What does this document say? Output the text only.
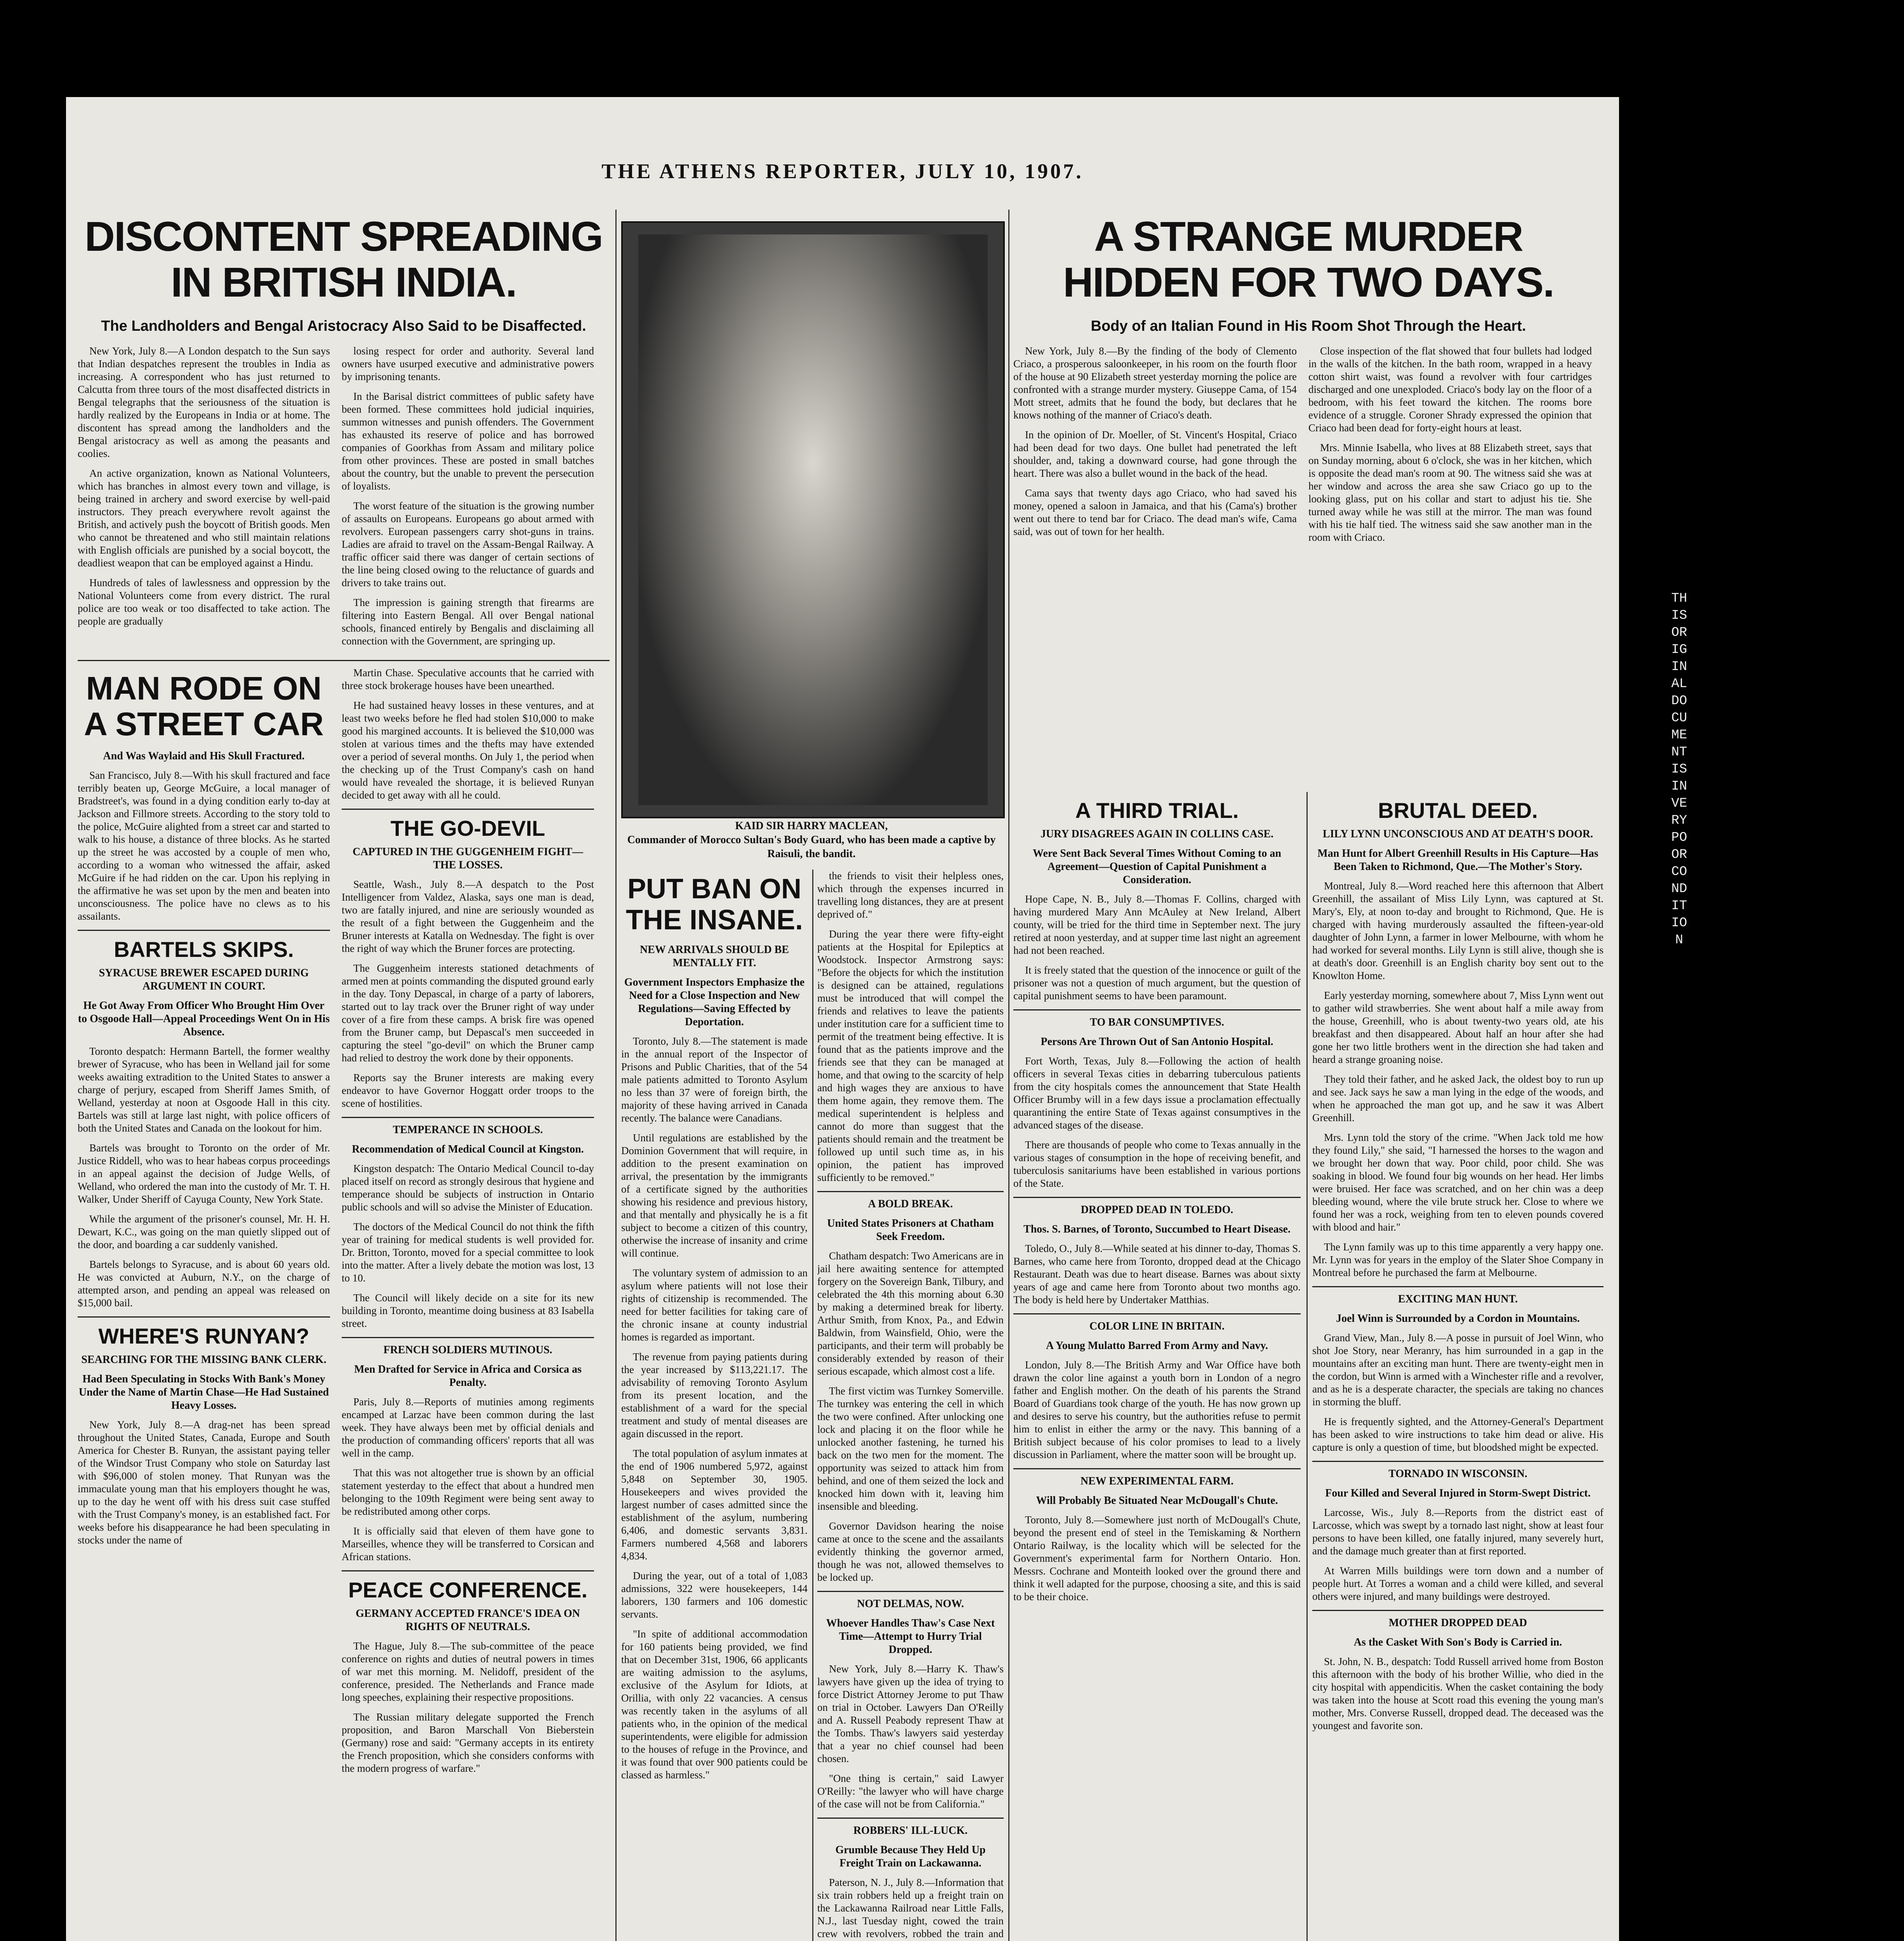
THE ATHENS REPORTER, JULY 10, 1907.
DISCONTENT SPREADING IN BRITISH INDIA.
The Landholders and Bengal Aristocracy Also Said to be Disaffected.

New York, July 8.—A London despatch to the Sun says that Indian despatches represent the troubles in India as increasing. A correspondent who has just returned to Calcutta from three tours of the most disaffected districts in Bengal telegraphs that the seriousness of the situation is hardly realized by the Europeans in India or at home. The discontent has spread among the landholders and the Bengal aristocracy as well as among the peasants and coolies.

An active organization, known as National Volunteers, which has branches in almost every town and village, is being trained in archery and sword exercise by well-paid instructors. They preach everywhere revolt against the British, and actively push the boycott of British goods. Men who cannot be threatened and who still maintain relations with English officials are punished by a social boycott, the deadliest weapon that can be employed against a Hindu.

Hundreds of tales of lawlessness and oppression by the National Volunteers come from every district. The rural police are too weak or too disaffected to take action. The people are gradually

losing respect for order and authority. Several land owners have usurped executive and administrative powers by imprisoning tenants.

In the Barisal district committees of public safety have been formed. These committees hold judicial inquiries, summon witnesses and punish offenders. The Government has exhausted its reserve of police and has borrowed companies of Goorkhas from Assam and military police from other provinces. These are posted in small batches about the country, but the unable to prevent the persecution of loyalists.

The worst feature of the situation is the growing number of assaults on Europeans. Europeans go about armed with revolvers. European passengers carry shot-guns in trains. Ladies are afraid to travel on the Assam-Bengal Railway. A traffic officer said there was danger of certain sections of the line being closed owing to the reluctance of guards and drivers to take trains out.

The impression is gaining strength that firearms are filtering into Eastern Bengal. All over Bengal national schools, financed entirely by Bengalis and disclaiming all connection with the Government, are springing up.

MAN RODE ON A STREET CAR
And Was Waylaid and His Skull Fractured.

San Francisco, July 8.—With his skull fractured and face terribly beaten up, George McGuire, a local manager of Bradstreet's, was found in a dying condition early to-day at Jackson and Fillmore streets. According to the story told to the police, McGuire alighted from a street car and started to walk to his house, a distance of three blocks. As he started up the street he was accosted by a couple of men who, according to a woman who witnessed the affair, asked McGuire if he had ridden on the car. Upon his replying in the affirmative he was set upon by the men and beaten into unconsciousness. The police have no clews as to his assailants.

BARTELS SKIPS.
SYRACUSE BREWER ESCAPED DURING ARGUMENT IN COURT.
He Got Away From Officer Who Brought Him Over to Osgoode Hall—Appeal Proceedings Went On in His Absence.

Toronto despatch: Hermann Bartell, the former wealthy brewer of Syracuse, who has been in Welland jail for some weeks awaiting extradition to the United States to answer a charge of perjury, escaped from Sheriff James Smith, of Welland, yesterday at noon at Osgoode Hall in this city. Bartels was still at large last night, with police officers of both the United States and Canada on the lookout for him.

Bartels was brought to Toronto on the order of Mr. Justice Riddell, who was to hear habeas corpus proceedings in an appeal against the decision of Judge Wells, of Welland, who ordered the man into the custody of Mr. T. H. Walker, Under Sheriff of Cayuga County, New York State.

While the argument of the prisoner's counsel, Mr. H. H. Dewart, K.C., was going on the man quietly slipped out of the door, and boarding a car suddenly vanished.

Bartels belongs to Syracuse, and is about 60 years old. He was convicted at Auburn, N.Y., on the charge of attempted arson, and pending an appeal was released on $15,000 bail.

WHERE'S RUNYAN?
SEARCHING FOR THE MISSING BANK CLERK.
Had Been Speculating in Stocks With Bank's Money Under the Name of Martin Chase—He Had Sustained Heavy Losses.

New York, July 8.—A drag-net has been spread throughout the United States, Canada, Europe and South America for Chester B. Runyan, the assistant paying teller of the Windsor Trust Company who stole on Saturday last with $96,000 of stolen money. That Runyan was the immaculate young man that his employers thought he was, up to the day he went off with his dress suit case stuffed with the Trust Company's money, is an established fact. For weeks before his disappearance he had been speculating in stocks under the name of

Martin Chase. Speculative accounts that he carried with three stock brokerage houses have been unearthed.

He had sustained heavy losses in these ventures, and at least two weeks before he fled had stolen $10,000 to make good his margined accounts. It is believed the $10,000 was stolen at various times and the thefts may have extended over a period of several months. On July 1, the period when the checking up of the Trust Company's cash on hand would have revealed the shortage, it is believed Runyan decided to get away with all he could.

THE GO-DEVIL
CAPTURED IN THE GUGGENHEIM FIGHT—THE LOSSES.

Seattle, Wash., July 8.—A despatch to the Post Intelligencer from Valdez, Alaska, says one man is dead, two are fatally injured, and nine are seriously wounded as the result of a fight between the Guggenheim and the Bruner interests at Katalla on Wednesday. The fight is over the right of way which the Bruner forces are protecting.

The Guggenheim interests stationed detachments of armed men at points commanding the disputed ground early in the day. Tony Depascal, in charge of a party of laborers, started out to lay track over the Bruner right of way under cover of a fire from these camps. A brisk fire was opened from the Bruner camp, but Depascal's men succeeded in capturing the steel "go-devil" on which the Bruner camp had relied to destroy the work done by their opponents.

Reports say the Bruner interests are making every endeavor to have Governor Hoggatt order troops to the scene of hostilities.

TEMPERANCE IN SCHOOLS.
Recommendation of Medical Council at Kingston.

Kingston despatch: The Ontario Medical Council to-day placed itself on record as strongly desirous that hygiene and temperance should be subjects of instruction in Ontario public schools and will so advise the Minister of Education.

The doctors of the Medical Council do not think the fifth year of training for medical students is well provided for. Dr. Britton, Toronto, moved for a special committee to look into the matter. After a lively debate the motion was lost, 13 to 10.

The Council will likely decide on a site for its new building in Toronto, meantime doing business at 83 Isabella street.

FRENCH SOLDIERS MUTINOUS.
Men Drafted for Service in Africa and Corsica as Penalty.

Paris, July 8.—Reports of mutinies among regiments encamped at Larzac have been common during the last week. They have always been met by official denials and the production of commanding officers' reports that all was well in the camp.

That this was not altogether true is shown by an official statement yesterday to the effect that about a hundred men belonging to the 109th Regiment were being sent away to be redistributed among other corps.

It is officially said that eleven of them have gone to Marseilles, whence they will be transferred to Corsican and African stations.

PEACE CONFERENCE.
GERMANY ACCEPTED FRANCE'S IDEA ON RIGHTS OF NEUTRALS.

The Hague, July 8.—The sub-committee of the peace conference on rights and duties of neutral powers in times of war met this morning. M. Nelidoff, president of the conference, presided. The Netherlands and France made long speeches, explaining their respective propositions.

The Russian military delegate supported the French proposition, and Baron Marschall Von Bieberstein (Germany) rose and said: "Germany accepts in its entirety the French proposition, which she considers conforms with the modern progress of warfare."

KAID SIR HARRY MACLEAN,
Commander of Morocco Sultan's Body Guard, who has been made a captive by Raisuli, the bandit.
PUT BAN ON THE INSANE.
NEW ARRIVALS SHOULD BE MENTALLY FIT.
Government Inspectors Emphasize the Need for a Close Inspection and New Regulations—Saving Effected by Deportation.

Toronto, July 8.—The statement is made in the annual report of the Inspector of Prisons and Public Charities, that of the 54 male patients admitted to Toronto Asylum no less than 37 were of foreign birth, the majority of these having arrived in Canada recently. The balance were Canadians.

Until regulations are established by the Dominion Government that will require, in addition to the present examination on arrival, the presentation by the immigrants of a certificate signed by the authorities showing his residence and previous history, and that mentally and physically he is a fit subject to become a citizen of this country, otherwise the increase of insanity and crime will continue.

The voluntary system of admission to an asylum where patients will not lose their rights of citizenship is recommended. The need for better facilities for taking care of the chronic insane at county industrial homes is regarded as important.

The revenue from paying patients during the year increased by $113,221.17. The advisability of removing Toronto Asylum from its present location, and the establishment of a ward for the special treatment and study of mental diseases are again discussed in the report.

The total population of asylum inmates at the end of 1906 numbered 5,972, against 5,848 on September 30, 1905. Housekeepers and wives provided the largest number of cases admitted since the establishment of the asylum, numbering 6,406, and domestic servants 3,831. Farmers numbered 4,568 and laborers 4,834.

During the year, out of a total of 1,083 admissions, 322 were housekeepers, 144 laborers, 130 farmers and 106 domestic servants.

"In spite of additional accommodation for 160 patients being provided, we find that on December 31st, 1906, 66 applicants are waiting admission to the asylums, exclusive of the Asylum for Idiots, at Orillia, with only 22 vacancies. A census was recently taken in the asylums of all patients who, in the opinion of the medical superintendents, were eligible for admission to the houses of refuge in the Province, and it was found that over 900 patients could be classed as harmless."

the friends to visit their helpless ones, which through the expenses incurred in travelling long distances, they are at present deprived of."

During the year there were fifty-eight patients at the Hospital for Epileptics at Woodstock. Inspector Armstrong says: "Before the objects for which the institution is designed can be attained, regulations must be introduced that will compel the friends and relatives to leave the patients under institution care for a sufficient time to permit of the treatment being effective. It is found that as the patients improve and the friends see that they can be managed at home, and that owing to the scarcity of help and high wages they are anxious to have them home again, they remove them. The medical superintendent is helpless and cannot do more than suggest that the patients should remain and the treatment be followed up until such time as, in his opinion, the patient has improved sufficiently to be removed."

A BOLD BREAK.
United States Prisoners at Chatham Seek Freedom.

Chatham despatch: Two Americans are in jail here awaiting sentence for attempted forgery on the Sovereign Bank, Tilbury, and celebrated the 4th this morning about 6.30 by making a determined break for liberty. Arthur Smith, from Knox, Pa., and Edwin Baldwin, from Wainsfield, Ohio, were the participants, and their term will probably be considerably extended by reason of their serious escapade, which almost cost a life.

The first victim was Turnkey Somerville. The turnkey was entering the cell in which the two were confined. After unlocking one lock and placing it on the floor while he unlocked another fastening, he turned his back on the two men for the moment. The opportunity was seized to attack him from behind, and one of them seized the lock and knocked him down with it, leaving him insensible and bleeding.

Governor Davidson hearing the noise came at once to the scene and the assailants evidently thinking the governor armed, though he was not, allowed themselves to be locked up.

NOT DELMAS, NOW.
Whoever Handles Thaw's Case Next Time—Attempt to Hurry Trial Dropped.

New York, July 8.—Harry K. Thaw's lawyers have given up the idea of trying to force District Attorney Jerome to put Thaw on trial in October. Lawyers Dan O'Reilly and A. Russell Peabody represent Thaw at the Tombs. Thaw's lawyers said yesterday that a year no chief counsel had been chosen.

"One thing is certain," said Lawyer O'Reilly: "the lawyer who will have charge of the case will not be from California."

ROBBERS' ILL-LUCK.
Grumble Because They Held Up Freight Train on Lackawanna.

Paterson, N. J., July 8.—Information that six train robbers held up a freight train on the Lackawanna Railroad near Little Falls, N.J., last Tuesday night, cowed the train crew with revolvers, robbed the train and

A STRANGE MURDER HIDDEN FOR TWO DAYS.
Body of an Italian Found in His Room Shot Through the Heart.

New York, July 8.—By the finding of the body of Clemento Criaco, a prosperous saloonkeeper, in his room on the fourth floor of the house at 90 Elizabeth street yesterday morning the police are confronted with a strange murder mystery. Giuseppe Cama, of 154 Mott street, admits that he found the body, but declares that he knows nothing of the manner of Criaco's death.

In the opinion of Dr. Moeller, of St. Vincent's Hospital, Criaco had been dead for two days. One bullet had penetrated the left shoulder, and, taking a downward course, had gone through the heart. There was also a bullet wound in the back of the head.

Cama says that twenty days ago Criaco, who had saved his money, opened a saloon in Jamaica, and that his (Cama's) brother went out there to tend bar for Criaco. The dead man's wife, Cama said, was out of town for her health.

Close inspection of the flat showed that four bullets had lodged in the walls of the kitchen. In the bath room, wrapped in a heavy cotton shirt waist, was found a revolver with four cartridges discharged and one unexploded. Criaco's body lay on the floor of a bedroom, with his feet toward the kitchen. The rooms bore evidence of a struggle. Coroner Shrady expressed the opinion that Criaco had been dead for forty-eight hours at least.

Mrs. Minnie Isabella, who lives at 88 Elizabeth street, says that on Sunday morning, about 6 o'clock, she was in her kitchen, which is opposite the dead man's room at 90. The witness said she was at her window and across the area she saw Criaco go up to the looking glass, put on his collar and start to adjust his tie. She turned away while he was still at the mirror. The man was found with his tie half tied. The witness said she saw another man in the room with Criaco.

A THIRD TRIAL.
JURY DISAGREES AGAIN IN COLLINS CASE.
Were Sent Back Several Times Without Coming to an Agreement—Question of Capital Punishment a Consideration.

Hope Cape, N. B., July 8.—Thomas F. Collins, charged with having murdered Mary Ann McAuley at New Ireland, Albert county, will be tried for the third time in September next. The jury retired at noon yesterday, and at supper time last night an agreement had not been reached.

It is freely stated that the question of the innocence or guilt of the prisoner was not a question of much argument, but the question of capital punishment seems to have been paramount.

TO BAR CONSUMPTIVES.
Persons Are Thrown Out of San Antonio Hospital.

Fort Worth, Texas, July 8.—Following the action of health officers in several Texas cities in debarring tuberculous patients from the city hospitals comes the announcement that State Health Officer Brumby will in a few days issue a proclamation effectually quarantining the entire State of Texas against consumptives in the advanced stages of the disease.

There are thousands of people who come to Texas annually in the various stages of consumption in the hope of receiving benefit, and tuberculosis sanitariums have been established in various portions of the State.

DROPPED DEAD IN TOLEDO.
Thos. S. Barnes, of Toronto, Succumbed to Heart Disease.

Toledo, O., July 8.—While seated at his dinner to-day, Thomas S. Barnes, who came here from Toronto, dropped dead at the Chicago Restaurant. Death was due to heart disease. Barnes was about sixty years of age and came here from Toronto about two months ago. The body is held here by Undertaker Matthias.

COLOR LINE IN BRITAIN.
A Young Mulatto Barred From Army and Navy.

London, July 8.—The British Army and War Office have both drawn the color line against a youth born in London of a negro father and English mother. On the death of his parents the Strand Board of Guardians took charge of the youth. He has now grown up and desires to serve his country, but the authorities refuse to permit him to enlist in either the army or the navy. This banning of a British subject because of his color promises to lead to a lively discussion in Parliament, where the matter soon will be brought up.

NEW EXPERIMENTAL FARM.
Will Probably Be Situated Near McDougall's Chute.

Toronto, July 8.—Somewhere just north of McDougall's Chute, beyond the present end of steel in the Temiskaming & Northern Ontario Railway, is the locality which will be selected for the Government's experimental farm for Northern Ontario. Hon. Messrs. Cochrane and Monteith looked over the ground there and think it well adapted for the purpose, choosing a site, and this is said to be their choice.

BRUTAL DEED.
LILY LYNN UNCONSCIOUS AND AT DEATH'S DOOR.
Man Hunt for Albert Greenhill Results in His Capture—Has Been Taken to Richmond, Que.—The Mother's Story.

Montreal, July 8.—Word reached here this afternoon that Albert Greenhill, the assailant of Miss Lily Lynn, was captured at St. Mary's, Ely, at noon to-day and brought to Richmond, Que. He is charged with having murderously assaulted the fifteen-year-old daughter of John Lynn, a farmer in lower Melbourne, with whom he had worked for several months. Lily Lynn is still alive, though she is at death's door. Greenhill is an English charity boy sent out to the Knowlton Home.

Early yesterday morning, somewhere about 7, Miss Lynn went out to gather wild strawberries. She went about half a mile away from the house, Greenhill, who is about twenty-two years old, ate his breakfast and then disappeared. About half an hour after she had gone her two little brothers went in the direction she had taken and heard a strange groaning noise.

They told their father, and he asked Jack, the oldest boy to run up and see. Jack says he saw a man lying in the edge of the woods, and when he approached the man got up, and he saw it was Albert Greenhill.

Mrs. Lynn told the story of the crime. "When Jack told me how they found Lily," she said, "I harnessed the horses to the wagon and we brought her down that way. Poor child, poor child. She was soaking in blood. We found four big wounds on her head. Her limbs were bruised. Her face was scratched, and on her chin was a deep bleeding wound, where the vile brute struck her. Close to where we found her was a rock, weighing from ten to eleven pounds covered with blood and hair."

The Lynn family was up to this time apparently a very happy one. Mr. Lynn was for years in the employ of the Slater Shoe Company in Montreal before he purchased the farm at Melbourne.

EXCITING MAN HUNT.
Joel Winn is Surrounded by a Cordon in Mountains.

Grand View, Man., July 8.—A posse in pursuit of Joel Winn, who shot Joe Story, near Meranry, has him surrounded in a gap in the mountains after an exciting man hunt. There are twenty-eight men in the cordon, but Winn is armed with a Winchester rifle and a revolver, and as he is a desperate character, the specials are taking no chances in storming the bluff.

He is frequently sighted, and the Attorney-General's Department has been asked to wire instructions to take him dead or alive. His capture is only a question of time, but bloodshed might be expected.

TORNADO IN WISCONSIN.
Four Killed and Several Injured in Storm-Swept District.

Larcosse, Wis., July 8.—Reports from the district east of Larcosse, which was swept by a tornado last night, show at least four persons to have been killed, one fatally injured, many severely hurt, and the damage much greater than at first reported.

At Warren Mills buildings were torn down and a number of people hurt. At Torres a woman and a child were killed, and several others were injured, and many buildings were destroyed.

MOTHER DROPPED DEAD
As the Casket With Son's Body is Carried in.

St. John, N. B., despatch: Todd Russell arrived home from Boston this afternoon with the body of his brother Willie, who died in the city hospital with appendicitis. When the casket containing the body was taken into the house at Scott road this evening the young man's mother, Mrs. Converse Russell, dropped dead. The deceased was the youngest and favorite son.

THIS ORIGINAL DOCUMENT IS IN VERY POOR CONDITION
